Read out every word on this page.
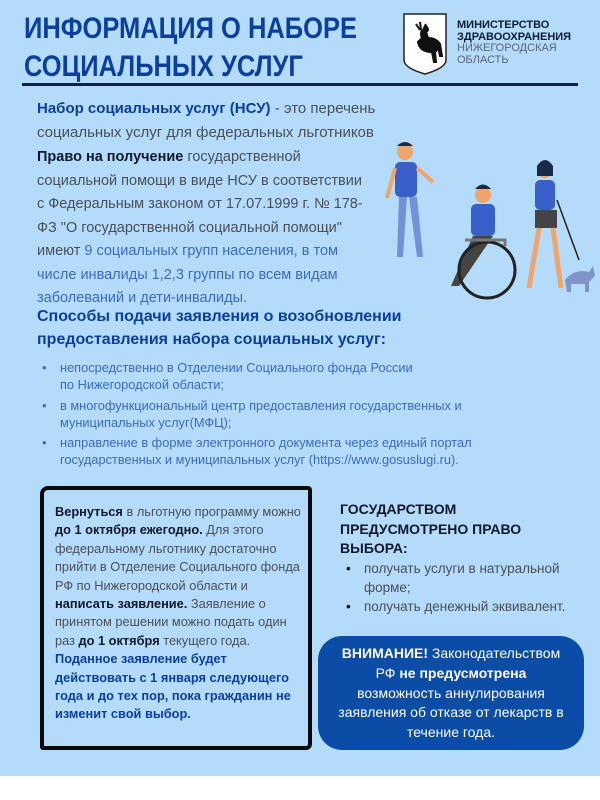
ИНФОРМАЦИЯ О НАБОРЕ
СОЦИАЛЬНЫХ УСЛУГ
МИНИСТЕРСТВО
ЗДРАВООХРАНЕНИЯ
НИЖЕГОРОДСКАЯ
ОБЛАСТЬ
Набор социальных услуг (НСУ) - это перечень социальных услуг для федеральных льготников
Право на получение государственной социальной помощи в виде НСУ в соответствии с Федеральным законом от 17.07.1999 г. № 178-ФЗ "О государственной социальной помощи" имеют 9 социальных групп населения, в том числе инвалиды 1,2,3 группы по всем видам заболеваний и дети-инвалиды.
Способы подачи заявления о возобновлении предоставления набора социальных услуг:
• непосредственно в Отделении Социального фонда России по Нижегородской области;
• в многофункциональный центр предоставления государственных и муниципальных услуг(МФЦ);
• направление в форме электронного документа через единый портал государственных и муниципальных услуг (https://www.gosuslugi.ru).
Вернуться в льготную программу можно до 1 октября ежегодно. Для этого федеральному льготнику достаточно прийти в Отделение Социального фонда РФ по Нижегородской области и написать заявление. Заявление о принятом решении можно подать один раз до 1 октября текущего года. Поданное заявление будет действовать с 1 января следующего года и до тех пор, пока гражданин не изменит свой выбор.
ГОСУДАРСТВОМ ПРЕДУСМОТРЕНО ПРАВО ВЫБОРА:
• получать услуги в натуральной форме;
• получать денежный эквивалент.
ВНИМАНИЕ! Законодательством РФ не предусмотрена возможность аннулирования заявления об отказе от лекарств в течение года.
